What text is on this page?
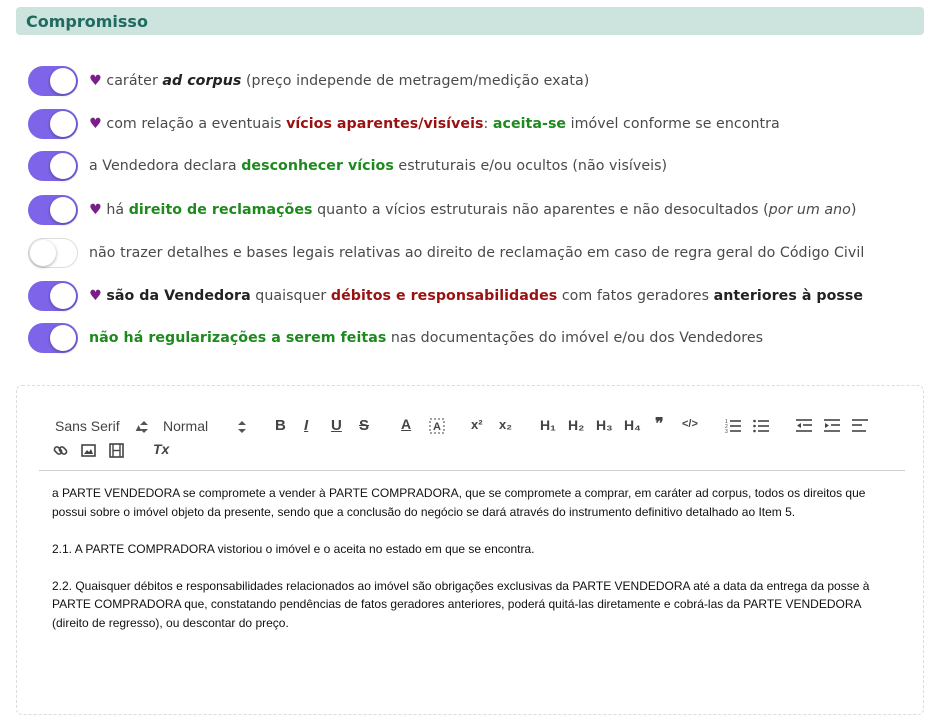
Compromisso
♥ caráter ad corpus (preço independe de metragem/medição exata)
♥ com relação a eventuais vícios aparentes/visíveis: aceita-se imóvel conforme se encontra
a Vendedora declara desconhecer vícios estruturais e/ou ocultos (não visíveis)
♥ há direito de reclamações quanto a vícios estruturais não aparentes e não desocultados (por um ano)
não trazer detalhes e bases legais relativas ao direito de reclamação em caso de regra geral do Código Civil
♥ são da Vendedora quaisquer débitos e responsabilidades com fatos geradores anteriores à posse
não há regularizações a serem feitas nas documentações do imóvel e/ou dos Vendedores
Sans Serif ▲ Normal	B I U S A A x² x₂ H₁ H₂ H₃ H₄ ❞ </>	1
2
3
Tx

a PARTE VENDEDORA se compromete a vender à PARTE COMPRADORA, que se compromete a comprar, em caráter ad corpus, todos os direitos que possui sobre o imóvel objeto da presente, sendo que a conclusão do negócio se dará através do instrumento definitivo detalhado ao Item 5.

2.1. A PARTE COMPRADORA vistoriou o imóvel e o aceita no estado em que se encontra.

2.2. Quaisquer débitos e responsabilidades relacionados ao imóvel são obrigações exclusivas da PARTE VENDEDORA até a data da entrega da posse à PARTE COMPRADORA que, constatando pendências de fatos geradores anteriores, poderá quitá-las diretamente e cobrá-las da PARTE VENDEDORA (direito de regresso), ou descontar do preço.
